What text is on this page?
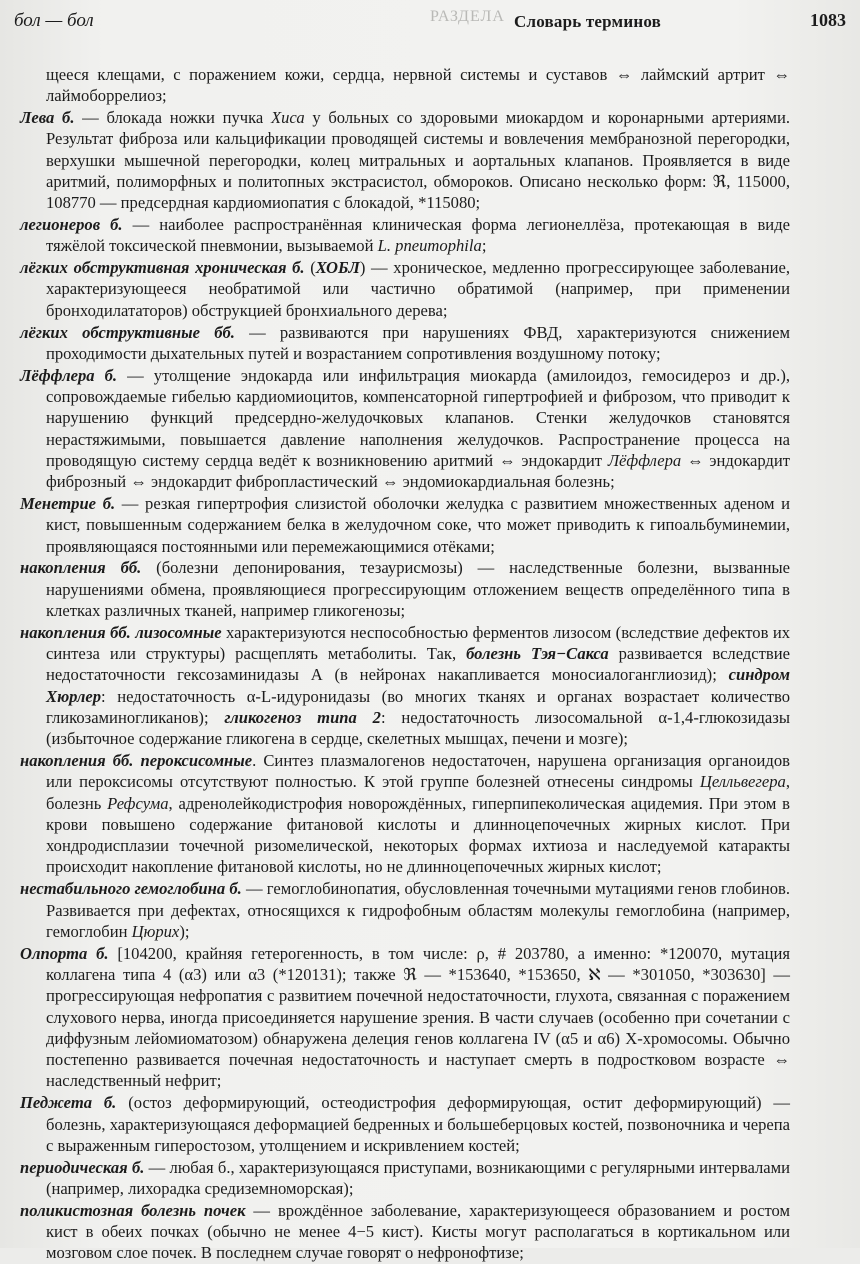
РАЗДЕЛА
бол — бол	Словарь терминов	1083

щееся клещами, с поражением кожи, сердца, нервной системы и суставов ⇔ лаймский артрит ⇔ лаймоборрелиоз;

Лева б. — блокада ножки пучка Хиса у больных со здоровыми миокардом и коронарными артериями. Результат фиброза или кальцификации проводящей системы и вовлечения мембранозной перегородки, верхушки мышечной перегородки, колец митральных и аортальных клапанов. Проявляется в виде аритмий, полиморфных и политопных экстрасистол, обмороков. Описано несколько форм: ℜ, 115000, 108770 — предсердная кардиомиопатия с блокадой, *115080;

легионеров б. — наиболее распространённая клиническая форма легионеллёза, протекающая в виде тяжёлой токсической пневмонии, вызываемой L. pneumophila;

лёгких обструктивная хроническая б. (ХОБЛ) — хроническое, медленно прогрессирующее заболевание, характеризующееся необратимой или частично обратимой (например, при применении бронходилататоров) обструкцией бронхиального дерева;

лёгких обструктивные бб. — развиваются при нарушениях ФВД, характеризуются снижением проходимости дыхательных путей и возрастанием сопротивления воздушному потоку;

Лёффлера б. — утолщение эндокарда или инфильтрация миокарда (амилоидоз, гемосидероз и др.), сопровождаемые гибелью кардиомиоцитов, компенсаторной гипертрофией и фиброзом, что приводит к нарушению функций предсердно-желудочковых клапанов. Стенки желудочков становятся нерастяжимыми, повышается давление наполнения желудочков. Распространение процесса на проводящую систему сердца ведёт к возникновению аритмий ⇔ эндокардит Лёффлера ⇔ эндокардит фиброзный ⇔ эндокардит фибропластический ⇔ эндомиокардиальная болезнь;

Менетрие б. — резкая гипертрофия слизистой оболочки желудка с развитием множественных аденом и кист, повышенным содержанием белка в желудочном соке, что может приводить к гипоальбуминемии, проявляющаяся постоянными или перемежающимися отёками;

накопления бб. (болезни депонирования, тезаурисмозы) — наследственные болезни, вызванные нарушениями обмена, проявляющиеся прогрессирующим отложением веществ определённого типа в клетках различных тканей, например гликогенозы;

накопления бб. лизосомные характеризуются неспособностью ферментов лизосом (вследствие дефектов их синтеза или структуры) расщеплять метаболиты. Так, болезнь Тэя−Сакса развивается вследствие недостаточности гексозаминидазы А (в нейронах накапливается моносиалоганглиозид); синдром Хюрлер: недостаточность α-L-идуронидазы (во многих тканях и органах возрастает количество гликозаминогликанов); гликогеноз типа 2: недостаточность лизосомальной α-1,4-глюкозидазы (избыточное содержание гликогена в сердце, скелетных мышцах, печени и мозге);

накопления бб. пероксисомные. Синтез плазмалогенов недостаточен, нарушена организация органоидов или пероксисомы отсутствуют полностью. К этой группе болезней отнесены синдромы Целльвегера, болезнь Рефсума, адренолейкодистрофия новорождённых, гиперпипеколическая ацидемия. При этом в крови повышено содержание фитановой кислоты и длинноцепочечных жирных кислот. При хондродисплазии точечной ризомелической, некоторых формах ихтиоза и наследуемой катаракты происходит накопление фитановой кислоты, но не длинноцепочечных жирных кислот;

нестабильного гемоглобина б. — гемоглобинопатия, обусловленная точечными мутациями генов глобинов. Развивается при дефектах, относящихся к гидрофобным областям молекулы гемоглобина (например, гемоглобин Цюрих);

Олпорта б. [104200, крайняя гетерогенность, в том числе: ρ, # 203780, а именно: *120070, мутация коллагена типа 4 (α3) или α3 (*120131); также ℜ — *153640, *153650, ℵ — *301050, *303630] — прогрессирующая нефропатия с развитием почечной недостаточности, глухота, связанная с поражением слухового нерва, иногда присоединяется нарушение зрения. В части случаев (особенно при сочетании с диффузным лейомиоматозом) обнаружена делеция генов коллагена IV (α5 и α6) Х-хромосомы. Обычно постепенно развивается почечная недостаточность и наступает смерть в подростковом возрасте ⇔ наследственный нефрит;

Педжета б. (остоз деформирующий, остеодистрофия деформирующая, остит деформирующий) — болезнь, характеризующаяся деформацией бедренных и большеберцовых костей, позвоночника и черепа с выраженным гиперостозом, утолщением и искривлением костей;

периодическая б. — любая б., характеризующаяся приступами, возникающими с регулярными интервалами (например, лихорадка средиземноморская);

поликистозная болезнь почек — врождённое заболевание, характеризующееся образованием и ростом кист в обеих почках (обычно не менее 4−5 кист). Кисты могут располагаться в кортикальном или мозговом слое почек. В последнем случае говорят о нефронофтизе;
